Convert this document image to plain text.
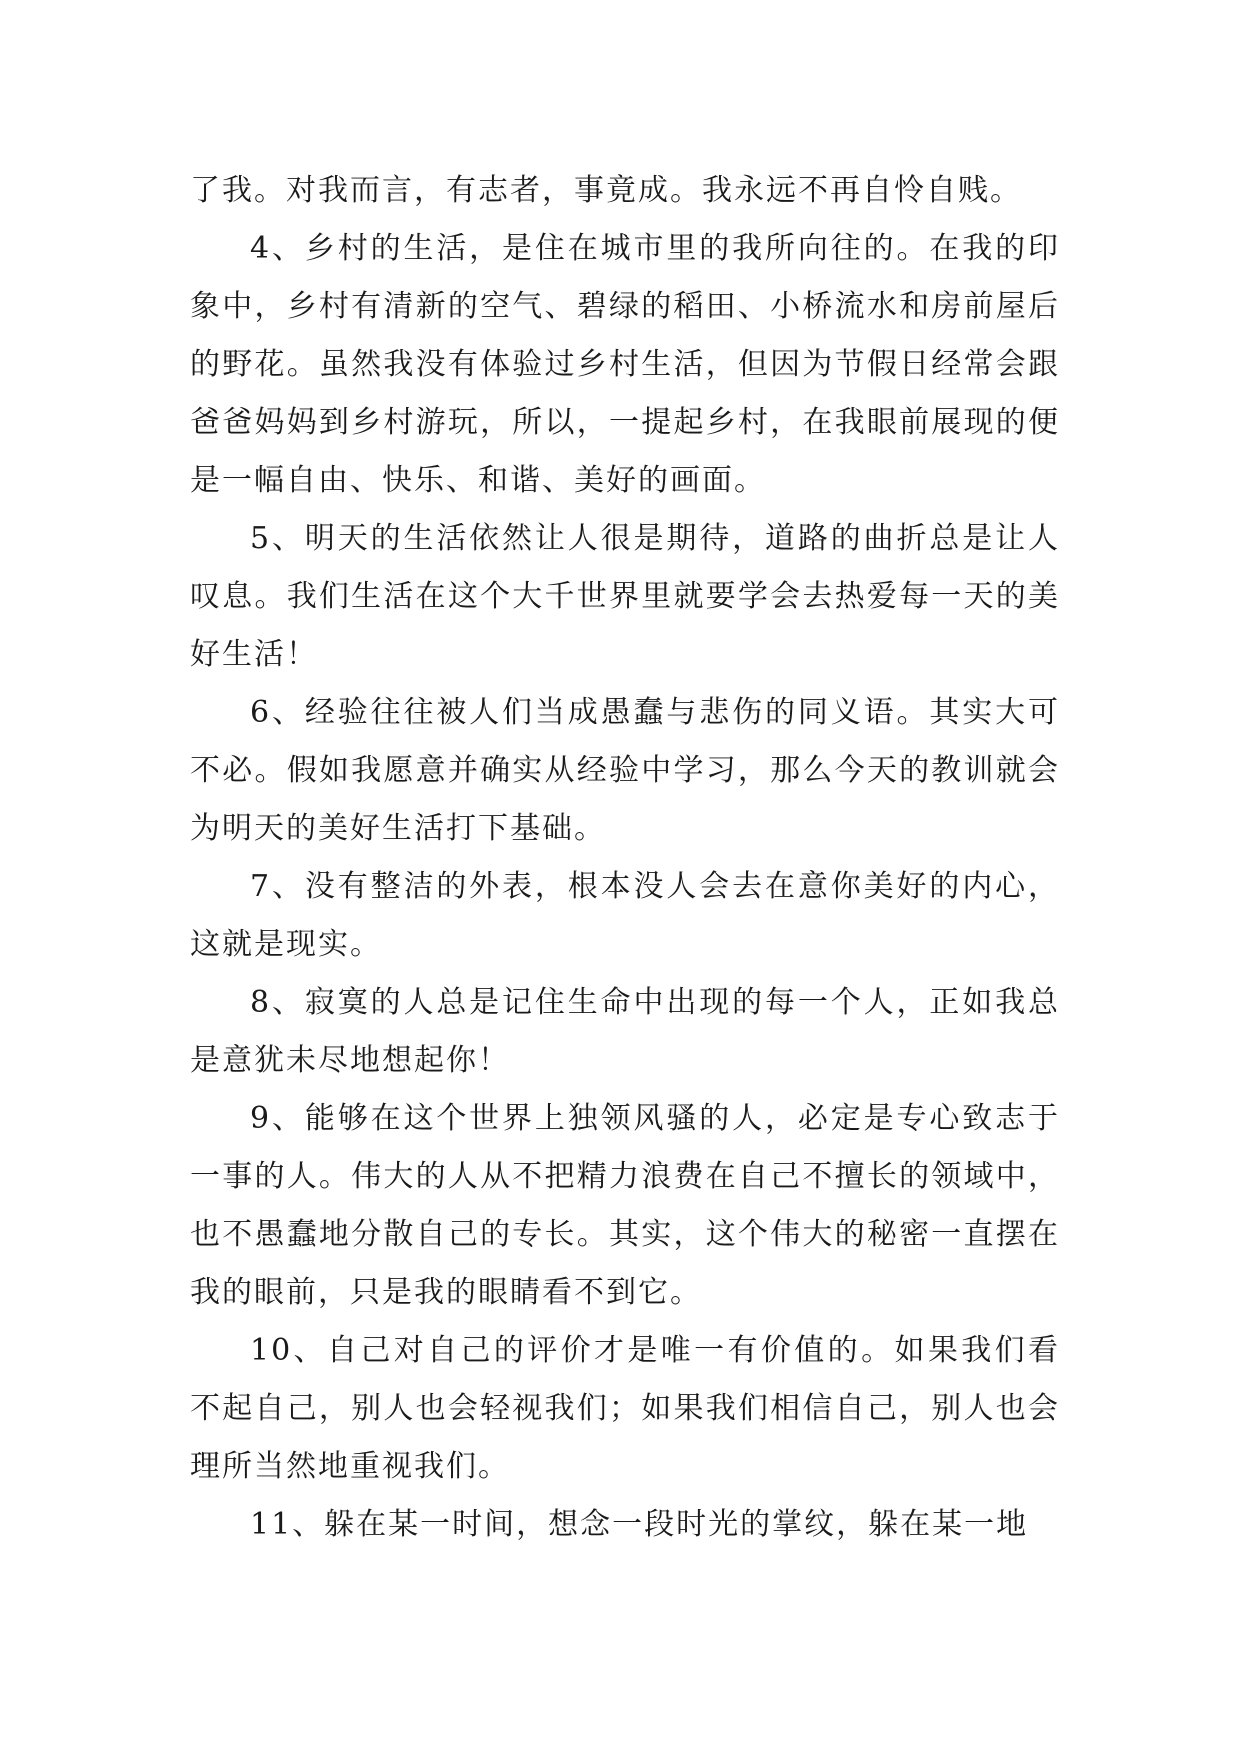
了我。对我而言，有志者，事竟成。我永远不再自怜自贱。

4、乡村的生活，是住在城市里的我所向往的。在我的印象中，乡村有清新的空气、碧绿的稻田、小桥流水和房前屋后的野花。虽然我没有体验过乡村生活，但因为节假日经常会跟爸爸妈妈到乡村游玩，所以，一提起乡村，在我眼前展现的便是一幅自由、快乐、和谐、美好的画面。

5、明天的生活依然让人很是期待，道路的曲折总是让人叹息。我们生活在这个大千世界里就要学会去热爱每一天的美好生活！

6、经验往往被人们当成愚蠢与悲伤的同义语。其实大可不必。假如我愿意并确实从经验中学习，那么今天的教训就会为明天的美好生活打下基础。

7、没有整洁的外表，根本没人会去在意你美好的内心，这就是现实。

8、寂寞的人总是记住生命中出现的每一个人，正如我总是意犹未尽地想起你！

9、能够在这个世界上独领风骚的人，必定是专心致志于一事的人。伟大的人从不把精力浪费在自己不擅长的领域中，也不愚蠢地分散自己的专长。其实，这个伟大的秘密一直摆在我的眼前，只是我的眼睛看不到它。

10、自己对自己的评价才是唯一有价值的。如果我们看不起自己，别人也会轻视我们；如果我们相信自己，别人也会理所当然地重视我们。

11、躲在某一时间，想念一段时光的掌纹，躲在某一地
